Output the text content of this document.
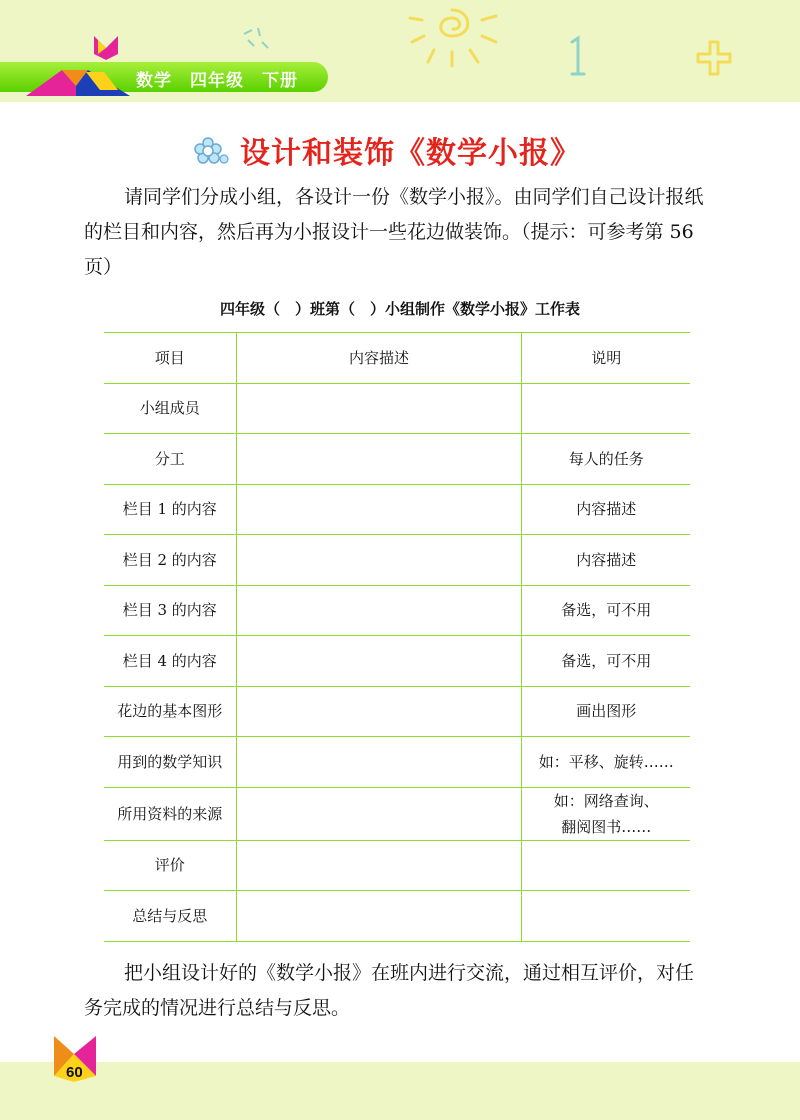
数学　四年级　下册
设计和装饰《数学小报》

请同学们分成小组，各设计一份《数学小报》。由同学们自己设计报纸的栏目和内容，然后再为小报设计一些花边做装饰。（提示：可参考第 56 页）

四年级（　）班第（　）小组制作《数学小报》工作表
项目	内容描述	说明
小组成员		
分工		每人的任务
栏目 1 的内容		内容描述
栏目 2 的内容		内容描述
栏目 3 的内容		备选，可不用
栏目 4 的内容		备选，可不用
花边的基本图形		画出图形
用到的数学知识		如：平移、旋转……
所用资料的来源		如：网络查询、
翻阅图书……
评价		
总结与反思		

把小组设计好的《数学小报》在班内进行交流，通过相互评价，对任务完成的情况进行总结与反思。

60
